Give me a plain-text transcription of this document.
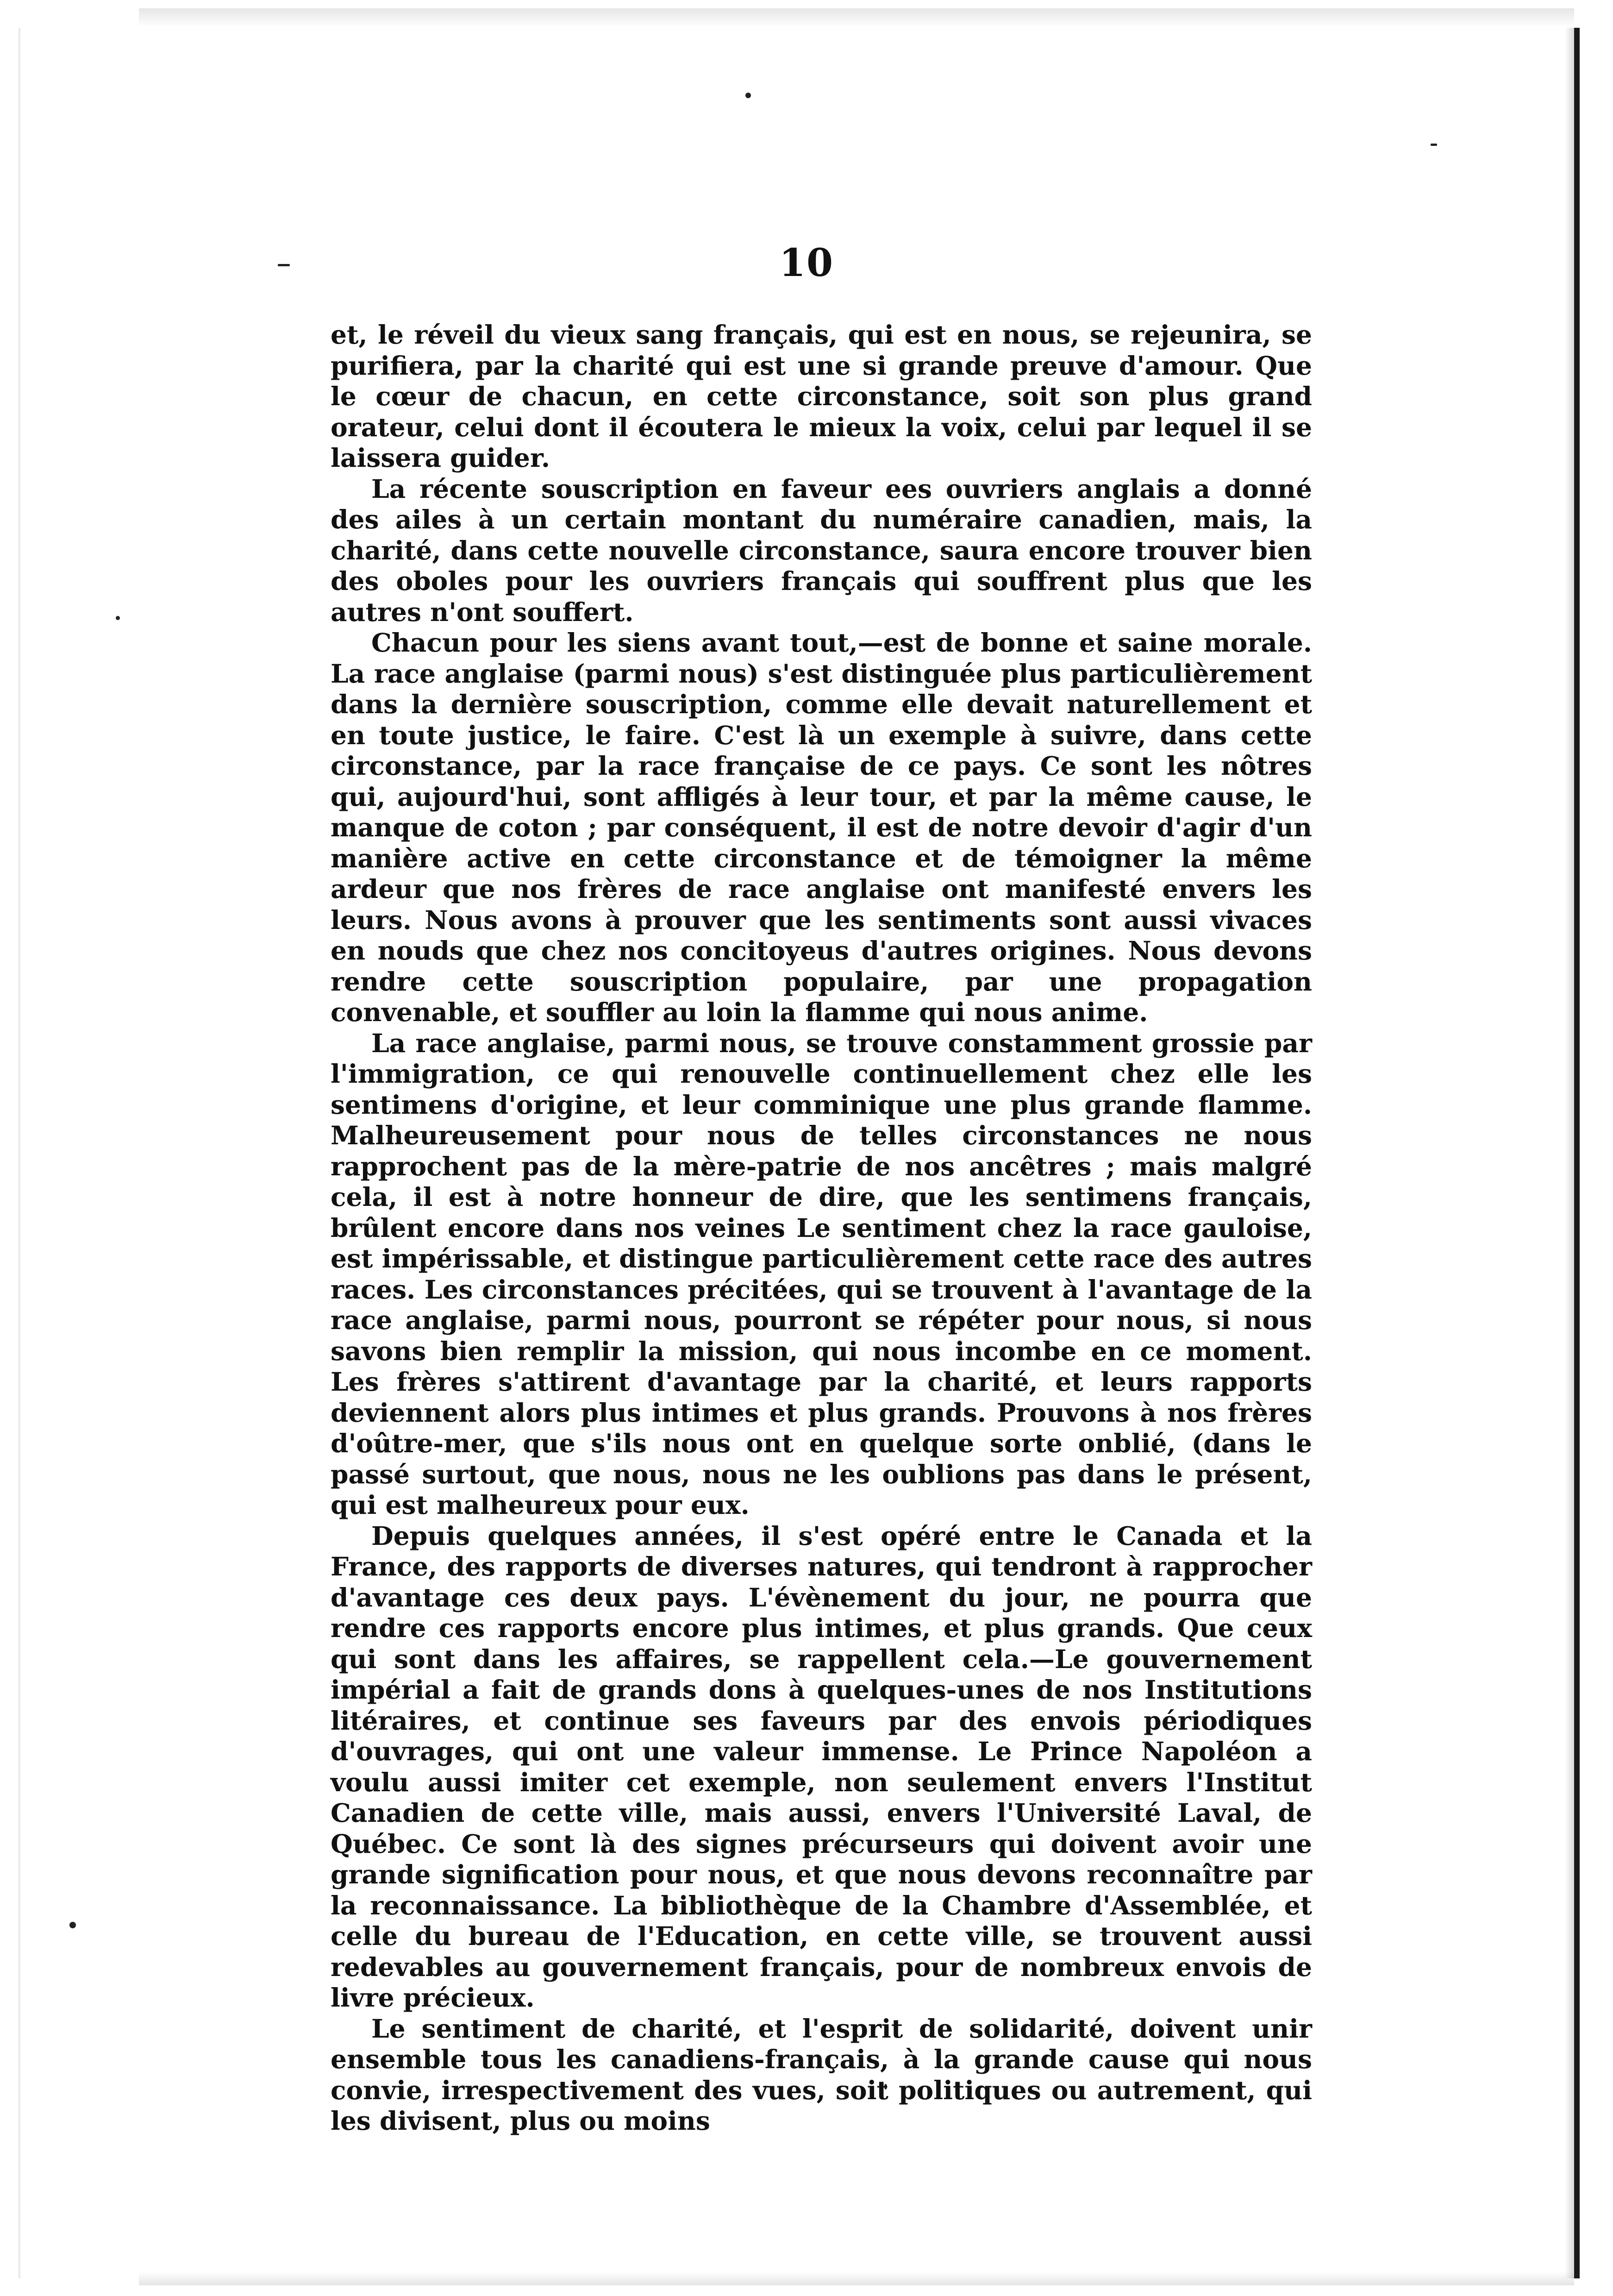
10

et, le réveil du vieux sang français, qui est en nous, se rejeunira, se purifiera, par la charité qui est une si grande preuve d'amour. Que le cœur de chacun, en cette circonstance, soit son plus grand orateur, celui dont il écoutera le mieux la voix, celui par lequel il se laissera guider.

La récente souscription en faveur ees ouvriers anglais a donné des ailes à un certain montant du numéraire canadien, mais, la charité, dans cette nouvelle circonstance, saura encore trouver bien des oboles pour les ouvriers français qui souffrent plus que les autres n'ont souffert.

Chacun pour les siens avant tout,—est de bonne et saine morale. La race anglaise (parmi nous) s'est distinguée plus particulièrement dans la dernière souscription, comme elle devait naturellement et en toute justice, le faire. C'est là un exemple à suivre, dans cette circonstance, par la race française de ce pays. Ce sont les nôtres qui, aujourd'hui, sont affligés à leur tour, et par la même cause, le manque de coton ; par conséquent, il est de notre devoir d'agir d'un manière active en cette circonstance et de témoigner la même ardeur que nos frères de race anglaise ont manifesté envers les leurs. Nous avons à prouver que les sentiments sont aussi vivaces en nouds que chez nos concitoyeus d'autres origines. Nous devons rendre cette souscription populaire, par une propagation convenable, et souffler au loin la flamme qui nous anime.

La race anglaise, parmi nous, se trouve constamment grossie par l'immigration, ce qui renouvelle continuellement chez elle les sentimens d'origine, et leur comminique une plus grande flamme. Malheureusement pour nous de telles circonstances ne nous rapprochent pas de la mère-patrie de nos ancêtres ; mais malgré cela, il est à notre honneur de dire, que les sentimens français, brûlent encore dans nos veines Le sentiment chez la race gauloise, est impérissable, et distingue particulièrement cette race des autres races. Les circonstances précitées, qui se trouvent à l'avantage de la race anglaise, parmi nous, pourront se répéter pour nous, si nous savons bien remplir la mission, qui nous incombe en ce moment. Les frères s'attirent d'avantage par la charité, et leurs rapports deviennent alors plus intimes et plus grands. Prouvons à nos frères d'oûtre-mer, que s'ils nous ont en quelque sorte onblié, (dans le passé surtout, que nous, nous ne les oublions pas dans le présent, qui est malheureux pour eux.

Depuis quelques années, il s'est opéré entre le Canada et la France, des rapports de diverses natures, qui tendront à rapprocher d'avantage ces deux pays. L'évènement du jour, ne pourra que rendre ces rapports encore plus intimes, et plus grands. Que ceux qui sont dans les affaires, se rappellent cela.—Le gouvernement impérial a fait de grands dons à quelques-unes de nos Institutions litéraires, et continue ses faveurs par des envois périodiques d'ouvrages, qui ont une valeur immense. Le Prince Napoléon a voulu aussi imiter cet exemple, non seulement envers l'Institut Canadien de cette ville, mais aussi, envers l'Université Laval, de Québec. Ce sont là des signes précurseurs qui doivent avoir une grande signification pour nous, et que nous devons reconnaître par la reconnaissance. La bibliothèque de la Chambre d'Assemblée, et celle du bureau de l'Education, en cette ville, se trouvent aussi redevables au gouvernement français, pour de nombreux envois de livre précieux.

Le sentiment de charité, et l'esprit de solidarité, doivent unir ensemble tous les canadiens-français, à la grande cause qui nous convie, irrespectivement des vues, soit politiques ou autrement, qui les divisent, plus ou moins
